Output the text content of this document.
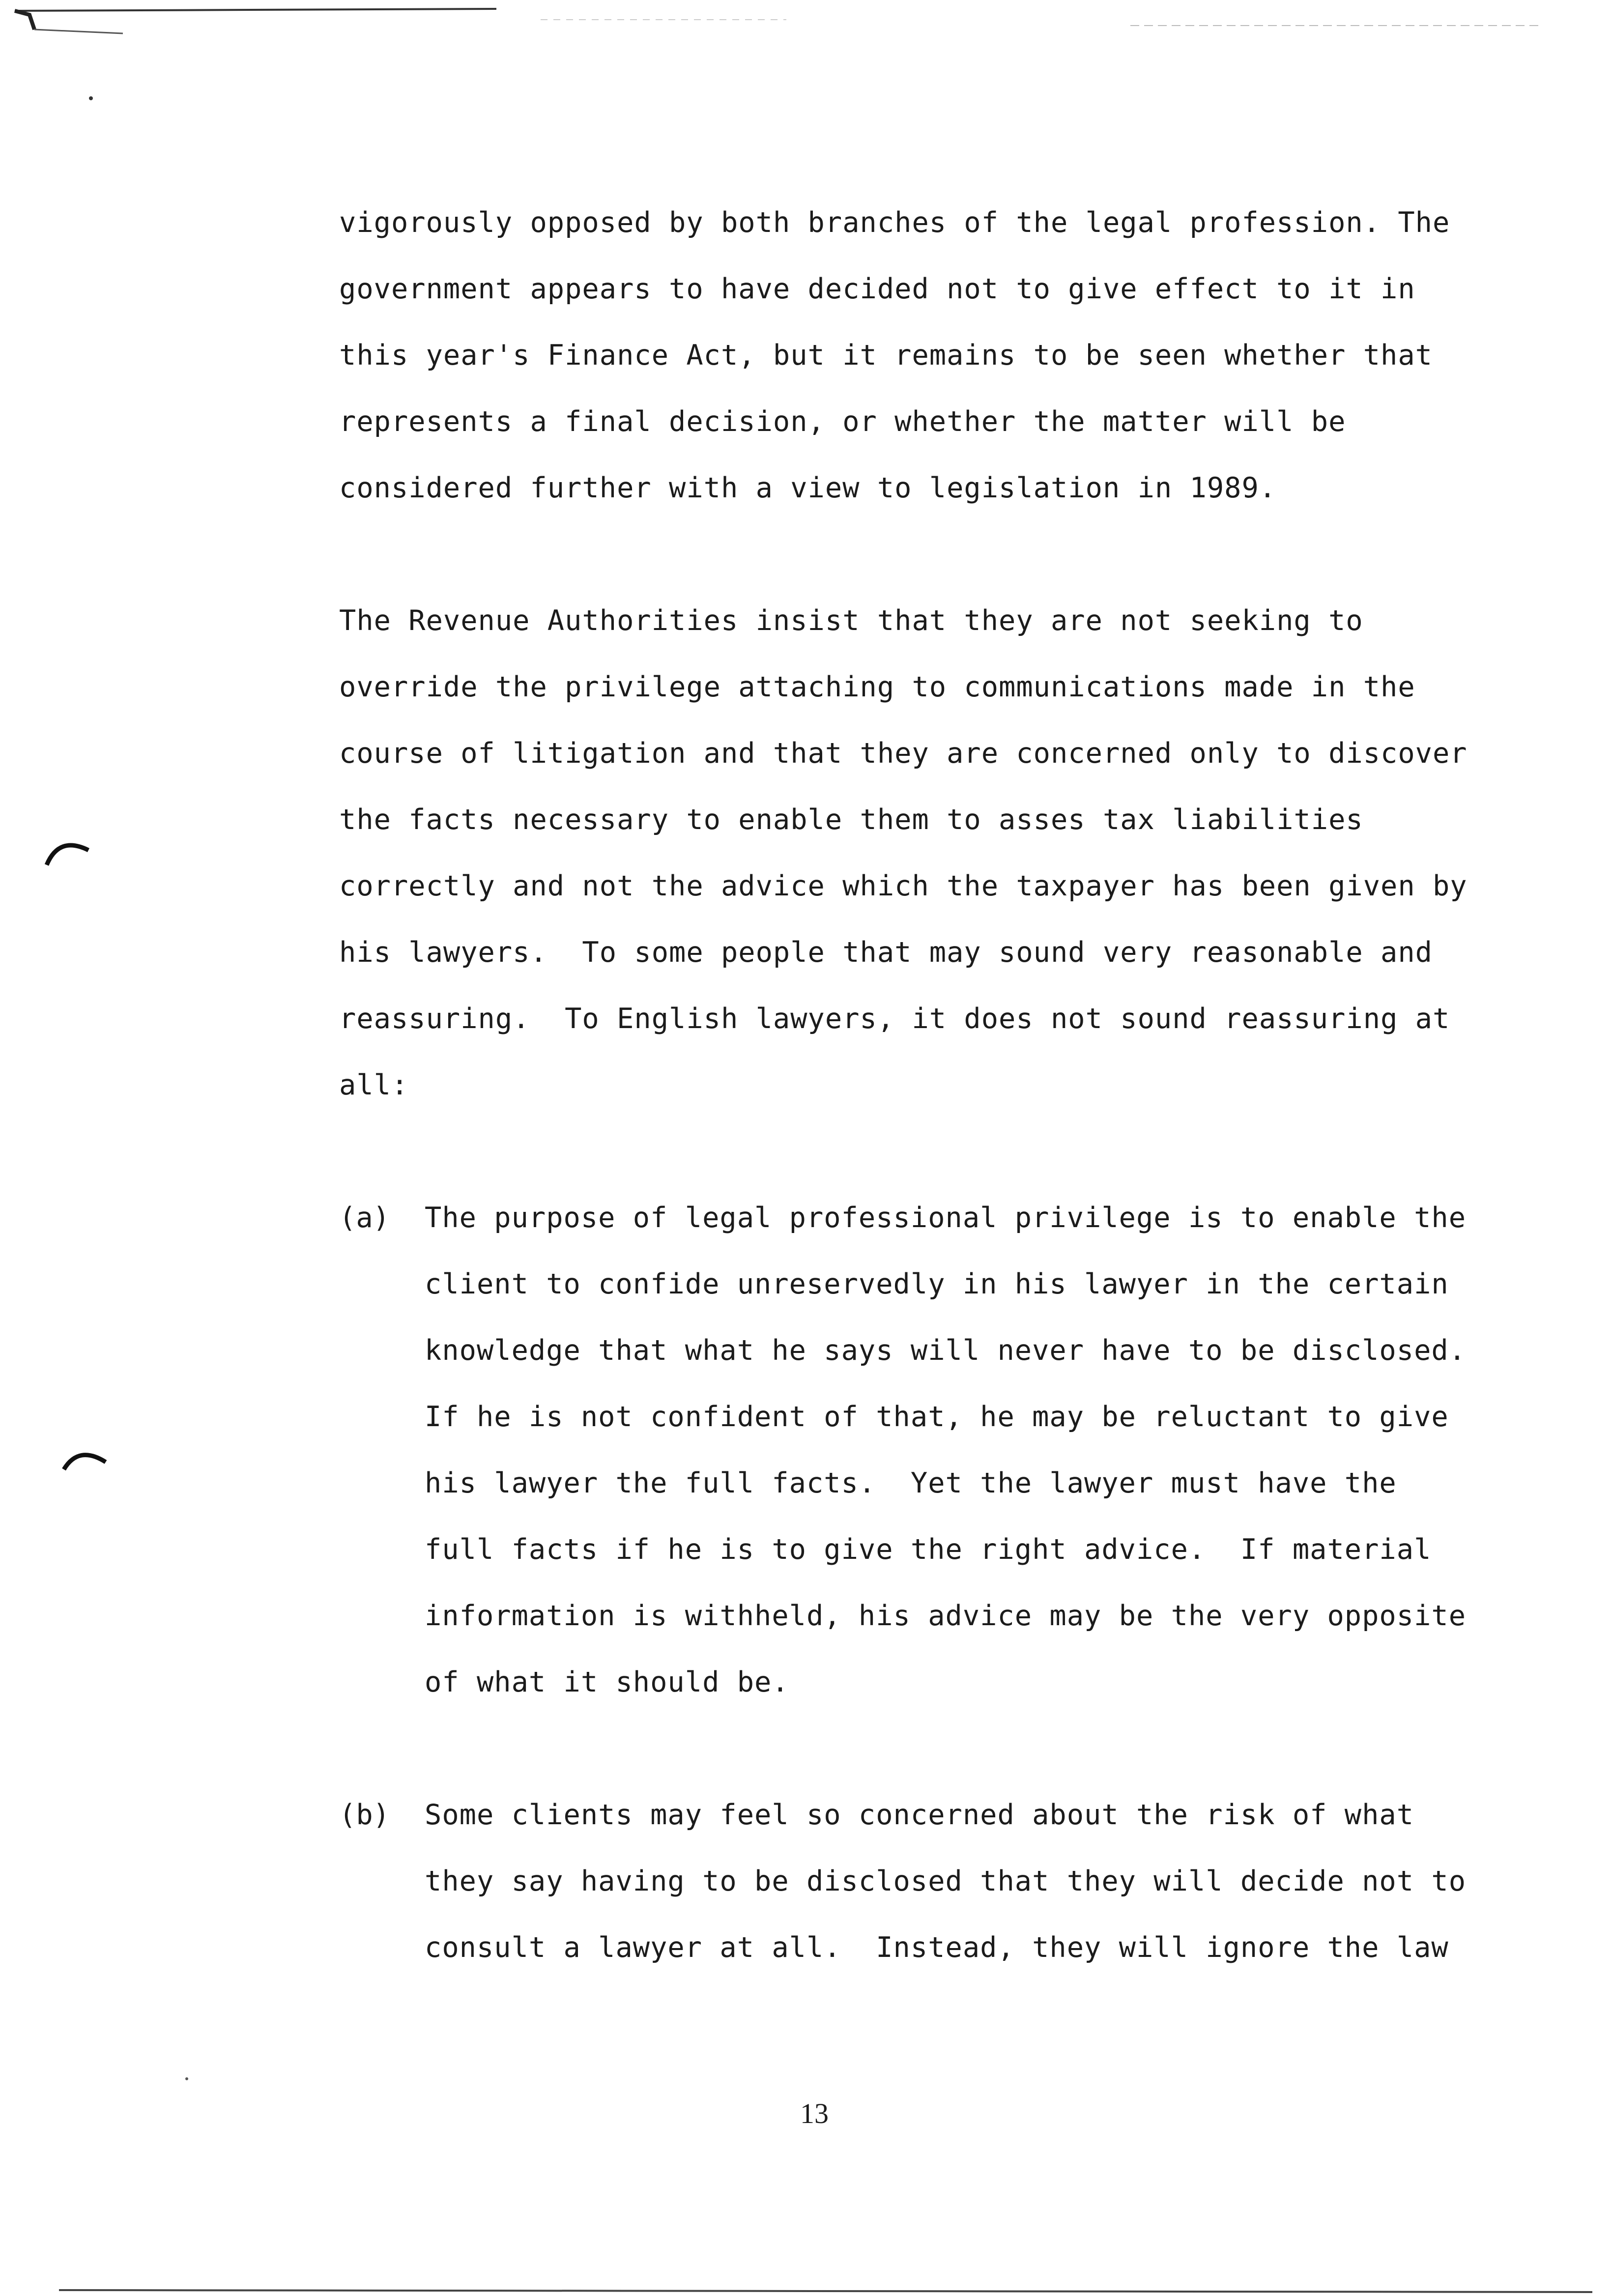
vigorously opposed by both branches of the legal profession. The
government appears to have decided not to give effect to it in
this year's Finance Act, but it remains to be seen whether that
represents a final decision, or whether the matter will be
considered further with a view to legislation in 1989.
The Revenue Authorities insist that they are not seeking to
override the privilege attaching to communications made in the
course of litigation and that they are concerned only to discover
the facts necessary to enable them to asses tax liabilities
correctly and not the advice which the taxpayer has been given by
his lawyers.  To some people that may sound very reasonable and
reassuring.  To English lawyers, it does not sound reassuring at
all:
(a) The purpose of legal professional privilege is to enable the
client to confide unreservedly in his lawyer in the certain
knowledge that what he says will never have to be disclosed.
If he is not confident of that, he may be reluctant to give
his lawyer the full facts.  Yet the lawyer must have the
full facts if he is to give the right advice.  If material
information is withheld, his advice may be the very opposite
of what it should be.
(b) Some clients may feel so concerned about the risk of what
they say having to be disclosed that they will decide not to
consult a lawyer at all.  Instead, they will ignore the law
13
